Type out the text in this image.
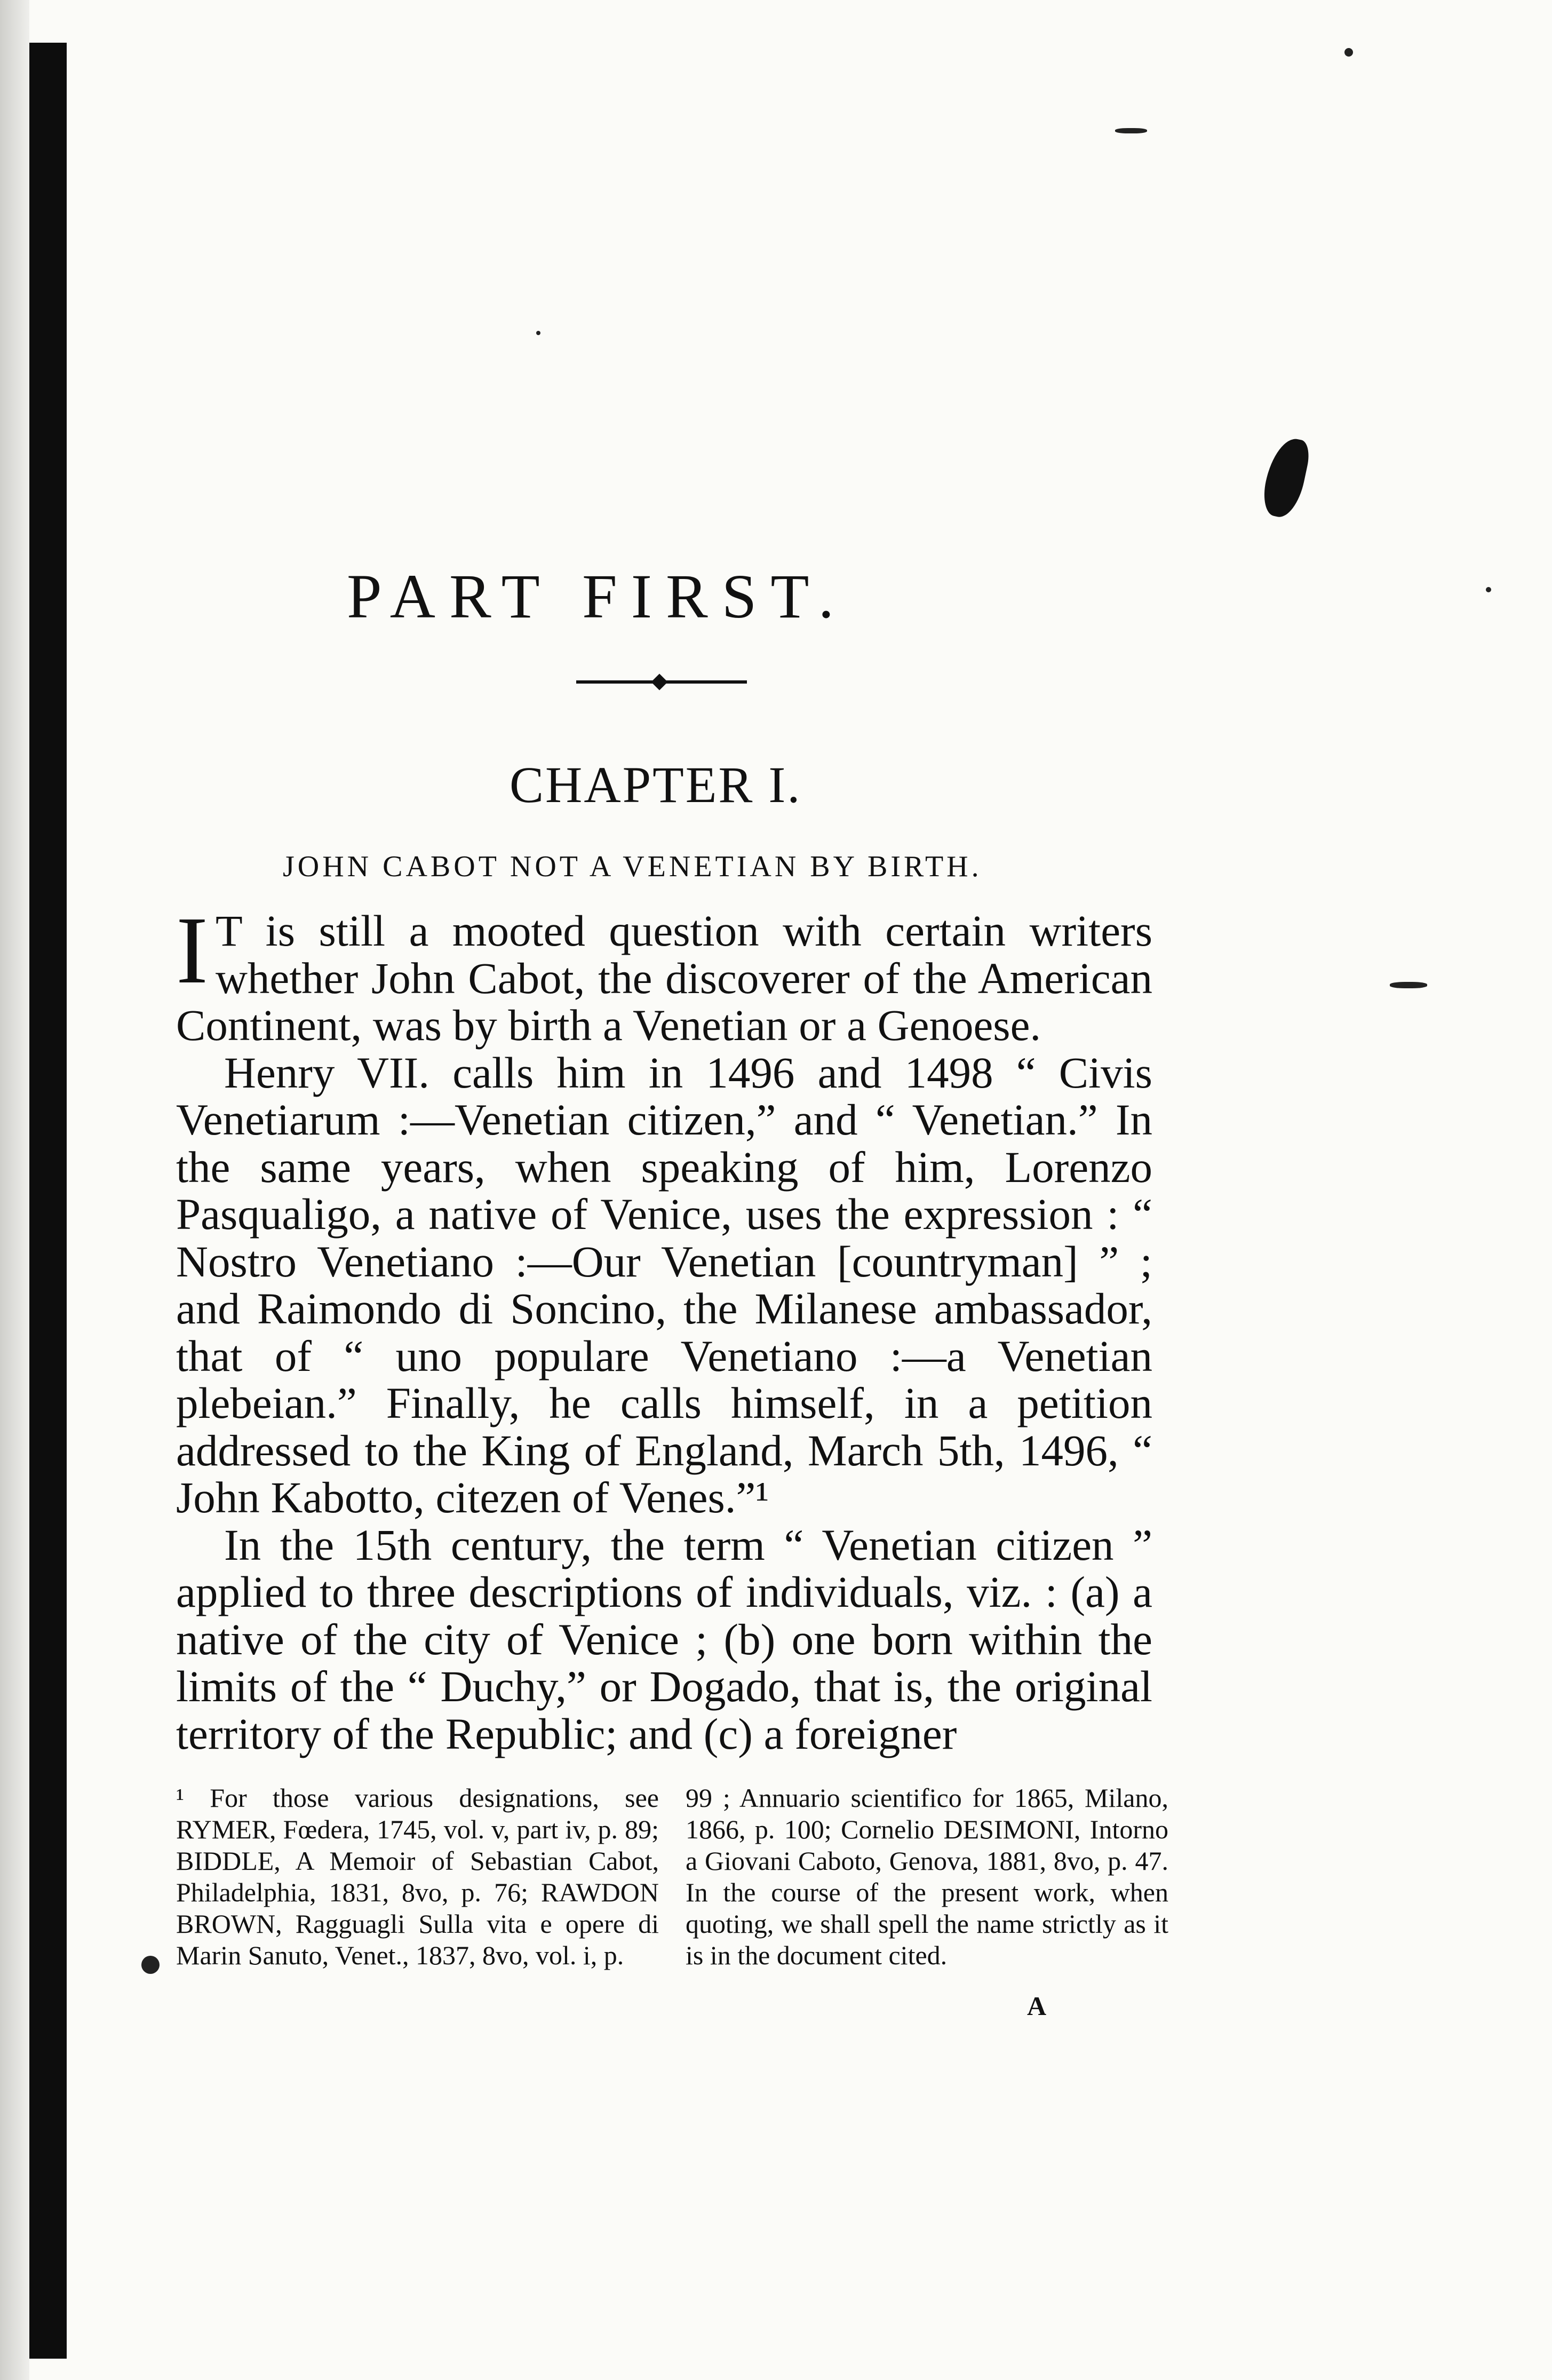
PART FIRST.
CHAPTER I.
JOHN CABOT NOT A VENETIAN BY BIRTH.

I T is still a mooted question with certain writers whether John Cabot, the discoverer of the American Continent, was by birth a Venetian or a Genoese.

Henry VII. calls him in 1496 and 1498 “ Civis Venetiarum :—Venetian citizen,” and “ Venetian.” In the same years, when speaking of him, Lorenzo Pasqualigo, a native of Venice, uses the expression : “ Nostro Venetiano :—Our Venetian [countryman] ” ; and Raimondo di Soncino, the Milanese ambassador, that of “ uno populare Venetiano :—a Venetian plebeian.” Finally, he calls himself, in a petition addressed to the King of England, March 5th, 1496, “ John Kabotto, citezen of Venes.”¹

In the 15th century, the term “ Venetian citizen ” applied to three descriptions of individuals, viz. : (a) a native of the city of Venice ; (b) one born within the limits of the “ Duchy,” or Dogado, that is, the original territory of the Republic; and (c) a foreigner

¹ For those various designations, see RYMER, Fœdera, 1745, vol. v, part iv, p. 89; BIDDLE, A Memoir of Sebastian Cabot, Philadelphia, 1831, 8vo, p. 76; RAWDON BROWN, Ragguagli Sulla vita e opere di Marin Sanuto, Venet., 1837, 8vo, vol. i, p.
99 ; Annuario scientifico for 1865, Milano, 1866, p. 100; Cornelio DESIMONI, Intorno a Giovani Caboto, Genova, 1881, 8vo, p. 47. In the course of the present work, when quoting, we shall spell the name strictly as it is in the document cited.
A
